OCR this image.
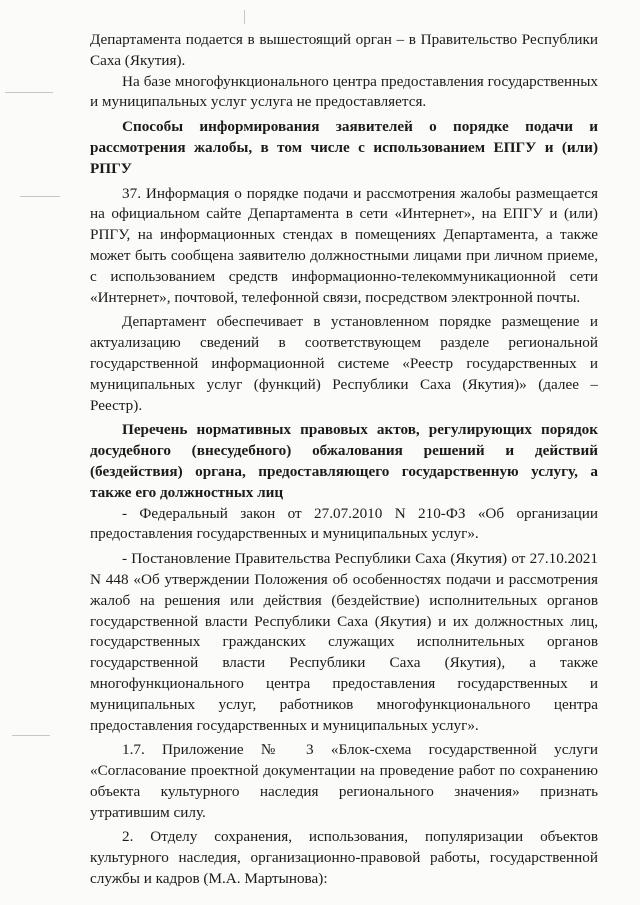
Департамента подается в вышестоящий орган – в Правительство Республики Саха (Якутия).

На базе многофункционального центра предоставления государственных и муниципальных услуг услуга не предоставляется.

Способы информирования заявителей о порядке подачи и рассмотрения жалобы, в том числе с использованием ЕПГУ и (или) РПГУ

37. Информация о порядке подачи и рассмотрения жалобы размещается на официальном сайте Департамента в сети «Интернет», на ЕПГУ и (или) РПГУ, на информационных стендах в помещениях Департамента, а также может быть сообщена заявителю должностными лицами при личном приеме, с использованием средств информационно-телекоммуникационной сети «Интернет», почтовой, телефонной связи, посредством электронной почты.

Департамент обеспечивает в установленном порядке размещение и актуализацию сведений в соответствующем разделе региональной государственной информационной системе «Реестр государственных и муниципальных услуг (функций) Республики Саха (Якутия)» (далее – Реестр).

Перечень нормативных правовых актов, регулирующих порядок досудебного (внесудебного) обжалования решений и действий (бездействия) органа, предоставляющего государственную услугу, а также его должностных лиц

- Федеральный закон от 27.07.2010 N 210-ФЗ «Об организации предоставления государственных и муниципальных услуг».

- Постановление Правительства Республики Саха (Якутия) от 27.10.2021 N 448 «Об утверждении Положения об особенностях подачи и рассмотрения жалоб на решения или действия (бездействие) исполнительных органов государственной власти Республики Саха (Якутия) и их должностных лиц, государственных гражданских служащих исполнительных органов государственной власти Республики Саха (Якутия), а также многофункционального центра предоставления государственных и муниципальных услуг, работников многофункционального центра предоставления государственных и муниципальных услуг».

1.7. Приложение № 3 «Блок-схема государственной услуги «Согласование проектной документации на проведение работ по сохранению объекта культурного наследия регионального значения» признать утратившим силу.

2. Отделу сохранения, использования, популяризации объектов культурного наследия, организационно-правовой работы, государственной службы и кадров (М.А. Мартынова):
